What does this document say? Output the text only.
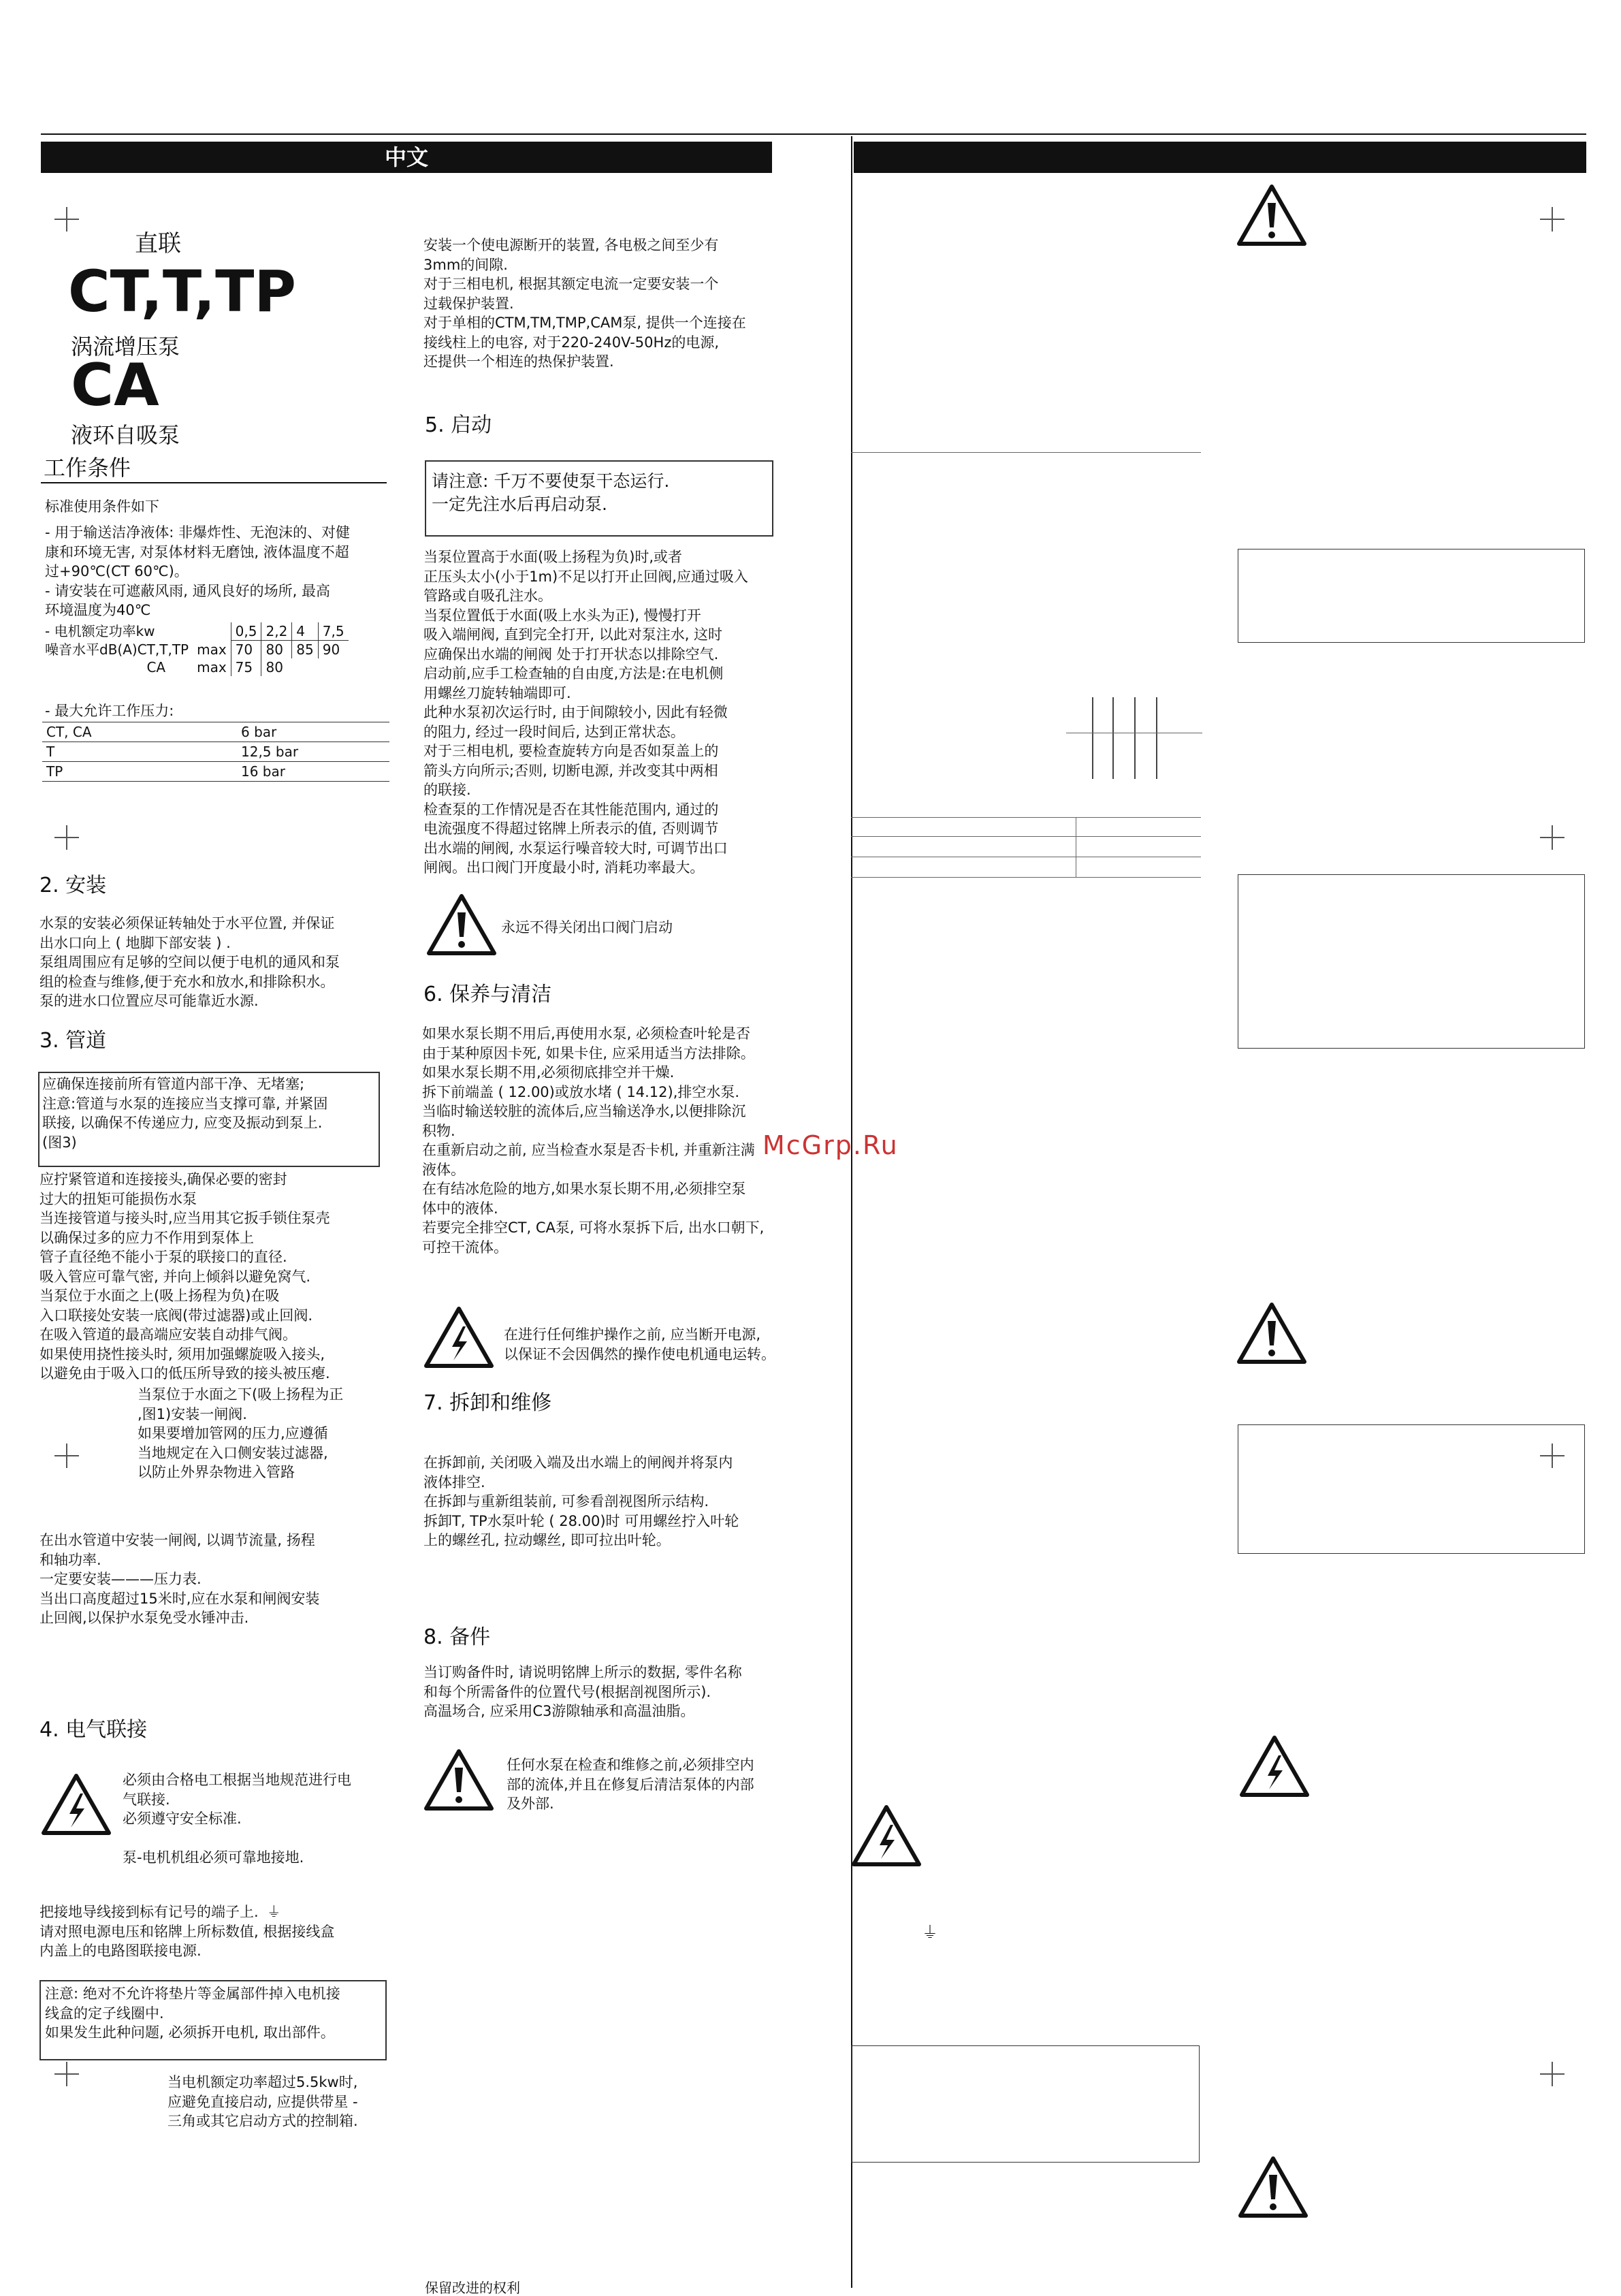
中文
直联
CT,T,TP
涡流增压泵
CA
液环自吸泵
工作条件
标准使用条件如下
- 用于输送洁净液体: 非爆炸性、无泡沫的、对健
康和环境无害, 对泵体材料无磨蚀, 液体温度不超
过+90℃(CT 60℃)。
- 请安装在可遮蔽风雨, 通风良好的场所, 最高
环境温度为40℃
- 电机额定功率kw		0,5	2,2	4	7,5
噪音水平dB(A)CT,T,TP	max	70	80	85	90
CA	max	75	80		
- 最大允许工作压力:
CT, CA	6 bar
T	12,5 bar
TP	16 bar
2. 安装
水泵的安装必须保证转轴处于水平位置, 并保证
出水口向上 ( 地脚下部安装 ) .
泵组周围应有足够的空间以便于电机的通风和泵
组的检查与维修,便于充水和放水,和排除积水。
泵的进水口位置应尽可能靠近水源.
3. 管道
应确保连接前所有管道内部干净、无堵塞;
注意:管道与水泵的连接应当支撑可靠, 并紧固
联接, 以确保不传递应力, 应变及振动到泵上.
(图3)
应拧紧管道和连接接头,确保必要的密封
过大的扭矩可能损伤水泵
当连接管道与接头时,应当用其它扳手锁住泵壳
以确保过多的应力不作用到泵体上
管子直径绝不能小于泵的联接口的直径.
吸入管应可靠气密, 并向上倾斜以避免窝气.
当泵位于水面之上(吸上扬程为负)在吸
入口联接处安装一底阀(带过滤器)或止回阀.
在吸入管道的最高端应安装自动排气阀。
如果使用挠性接头时, 须用加强螺旋吸入接头,
以避免由于吸入口的低压所导致的接头被压瘪.
当泵位于水面之下(吸上扬程为正
,图1)安装一闸阀.
如果要增加管网的压力,应遵循
当地规定在入口侧安装过滤器,
以防止外界杂物进入管路
在出水管道中安装一闸阀, 以调节流量, 扬程
和轴功率.
一定要安装———压力表.
当出口高度超过15米时,应在水泵和闸阀安装
止回阀,以保护水泵免受水锤冲击.
4. 电气联接
必须由合格电工根据当地规范进行电
气联接.
必须遵守安全标准.
泵-电机机组必须可靠地接地.
把接地导线接到标有记号的端子上. ⏚
请对照电源电压和铭牌上所标数值, 根据接线盒
内盖上的电路图联接电源.
注意: 绝对不允许将垫片等金属部件掉入电机接
线盒的定子线圈中.
如果发生此种问题, 必须拆开电机, 取出部件。
当电机额定功率超过5.5kw时,
应避免直接启动, 应提供带星 -
三角或其它启动方式的控制箱.
安装一个使电源断开的装置, 各电极之间至少有
3mm的间隙.
对于三相电机, 根据其额定电流一定要安装一个
过载保护装置.
对于单相的CTM,TM,TMP,CAM泵, 提供一个连接在
接线柱上的电容, 对于220-240V-50Hz的电源,
还提供一个相连的热保护装置.
5. 启动
请注意: 千万不要使泵干态运行.
一定先注水后再启动泵.
当泵位置高于水面(吸上扬程为负)时,或者
正压头太小(小于1m)不足以打开止回阀,应通过吸入
管路或自吸孔注水。
当泵位置低于水面(吸上水头为正), 慢慢打开
吸入端闸阀, 直到完全打开, 以此对泵注水, 这时
应确保出水端的闸阀 处于打开状态以排除空气.
启动前,应手工检查轴的自由度,方法是:在电机侧
用螺丝刀旋转轴端即可.
此种水泵初次运行时, 由于间隙较小, 因此有轻微
的阻力, 经过一段时间后, 达到正常状态。
对于三相电机, 要检查旋转方向是否如泵盖上的
箭头方向所示;否则, 切断电源, 并改变其中两相
的联接.
检查泵的工作情况是否在其性能范围内, 通过的
电流强度不得超过铭牌上所表示的值, 否则调节
出水端的闸阀, 水泵运行噪音较大时, 可调节出口
闸阀。出口阀门开度最小时, 消耗功率最大。
永远不得关闭出口阀门启动
6. 保养与清洁
如果水泵长期不用后,再使用水泵, 必须检查叶轮是否
由于某种原因卡死, 如果卡住, 应采用适当方法排除。
如果水泵长期不用,必须彻底排空并干燥.
拆下前端盖 ( 12.00)或放水堵 ( 14.12),排空水泵.
当临时输送较脏的流体后,应当输送净水,以便排除沉
积物.
在重新启动之前, 应当检查水泵是否卡机, 并重新注满
液体。
在有结冰危险的地方,如果水泵长期不用,必须排空泵
体中的液体.
若要完全排空CT, CA泵, 可将水泵拆下后, 出水口朝下,
可控干流体。
在进行任何维护操作之前, 应当断开电源,
以保证不会因偶然的操作使电机通电运转。
7. 拆卸和维修
在拆卸前, 关闭吸入端及出水端上的闸阀并将泵内
液体排空.
在拆卸与重新组装前, 可参看剖视图所示结构.
拆卸T, TP水泵叶轮 ( 28.00)时 可用螺丝拧入叶轮
上的螺丝孔, 拉动螺丝, 即可拉出叶轮。
8. 备件
当订购备件时, 请说明铭牌上所示的数据, 零件名称
和每个所需备件的位置代号(根据剖视图所示).
高温场合, 应采用C3游隙轴承和高温油脂。
任何水泵在检查和维修之前,必须排空内
部的流体,并且在修复后清洁泵体的内部
及外部.
McGrp.Ru
保留改进的权利
⏚
